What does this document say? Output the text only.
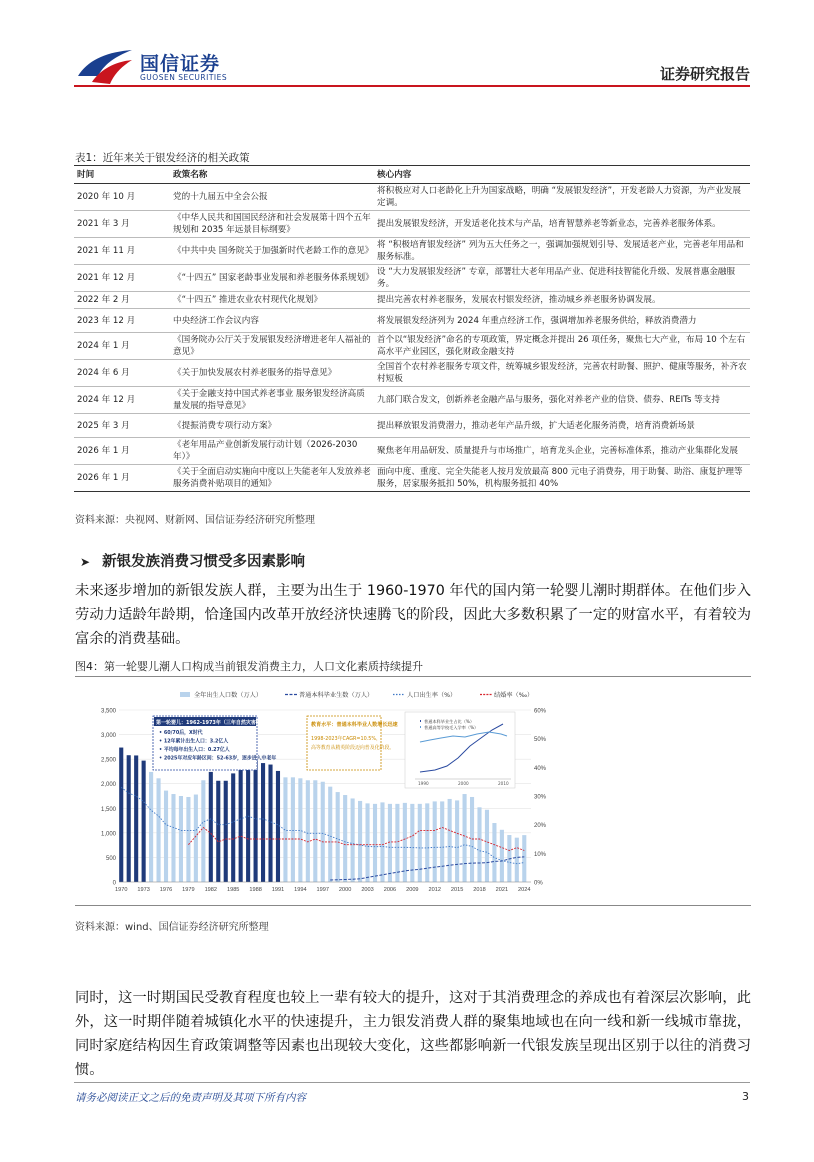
国信证券
GUOSEN SECURITIES	证券研究报告
表1：近年来关于银发经济的相关政策
时间	政策名称	核心内容
2020 年 10 月	党的十九届五中全会公报	将积极应对人口老龄化上升为国家战略，明确 “发展银发经济”，开发老龄人力资源，为产业发展定调。
2021 年 3 月	《中华人民共和国国民经济和社会发展第十四个五年规划和 2035 年远景目标纲要》	提出发展银发经济，开发适老化技术与产品，培育智慧养老等新业态，完善养老服务体系。
2021 年 11 月	《中共中央 国务院关于加强新时代老龄工作的意见》	将 “积极培育银发经济” 列为五大任务之一，强调加强规划引导、发展适老产业，完善老年用品和服务标准。
2021 年 12 月	《“十四五” 国家老龄事业发展和养老服务体系规划》	设 “大力发展银发经济” 专章，部署壮大老年用品产业、促进科技智能化升级、发展普惠金融服务。
2022 年 2 月	《“十四五” 推进农业农村现代化规划》	提出完善农村养老服务，发展农村银发经济，推动城乡养老服务协调发展。
2023 年 12 月	中央经济工作会议内容	将发展银发经济列为 2024 年重点经济工作，强调增加养老服务供给，释放消费潜力
2024 年 1 月	《国务院办公厅关于发展银发经济增进老年人福祉的意见》	首个以“银发经济”命名的专项政策，界定概念并提出 26 项任务，聚焦七大产业，布局 10 个左右高水平产业园区，强化财政金融支持
2024 年 6 月	《关于加快发展农村养老服务的指导意见》	全国首个农村养老服务专项文件，统筹城乡银发经济，完善农村助餐、照护、健康等服务，补齐农村短板
2024 年 12 月	《关于金融支持中国式养老事业 服务银发经济高质量发展的指导意见》	九部门联合发文，创新养老金融产品与服务，强化对养老产业的信贷、债券、REITs 等支持
2025 年 3 月	《提振消费专项行动方案》	提出释放银发消费潜力，推动老年产品升级，扩大适老化服务消费，培育消费新场景
2026 年 1 月	《老年用品产业创新发展行动计划（2026-2030 年）》	聚焦老年用品研发、质量提升与市场推广，培育龙头企业，完善标准体系，推动产业集群化发展
2026 年 1 月	《关于全面启动实施向中度以上失能老年人发放养老服务消费补贴项目的通知》	面向中度、重度、完全失能老人按月发放最高 800 元电子消费券，用于助餐、助浴、康复护理等服务，居家服务抵扣 50%，机构服务抵扣 40%
资料来源：央视网、财新网、国信证券经济研究所整理
➤ 新银发族消费习惯受多因素影响
未来逐步增加的新银发族人群，主要为出生于 1960-1970 年代的国内第一轮婴儿潮时期群体。在他们步入劳动力适龄年龄期，恰逢国内改革开放经济快速腾飞的阶段，因此大多数积累了一定的财富水平，有着较为富余的消费基础。
图4：第一轮婴儿潮人口构成当前银发消费主力，人口文化素质持续提升
全年出生人口数（万人）	普通本科毕业生数（万人）	人口出生率（%）	结婚率（‰）
0
500
1,000
1,500
2,000
2,500
3,000
3,500
0%
10%
20%
30%
40%
50%
60%
1970 1973 1976 1979 1982 1985 1988 1991 1994 1997 2000 2003 2006 2009 2012 2015 2018 2021 2024
第一轮婴儿：1962-1973年（三年自然灾害后）
• 60/70后，X时代
• 12年累计出生人口：3.2亿人
• 平均每年出生人口：0.27亿人
• 2025年对应年龄区间：52-63岁，逐步进入中老年
教育水平：普通本科毕业人数增长迅速
1998-2023年CAGR=10.5%，
高等教育从精英阶段迈向普及化阶段。
普通本科毕业生占比（%）
普通高等学校毛入学率（%）
1990	2000	2010
资料来源：wind、国信证券经济研究所整理
同时，这一时期国民受教育程度也较上一辈有较大的提升，这对于其消费理念的养成也有着深层次影响，此外，这一时期伴随着城镇化水平的快速提升，主力银发消费人群的聚集地域也在向一线和新一线城市靠拢，同时家庭结构因生育政策调整等因素也出现较大变化，这些都影响新一代银发族呈现出区别于以往的消费习惯。
请务必阅读正文之后的免责声明及其项下所有内容	3
